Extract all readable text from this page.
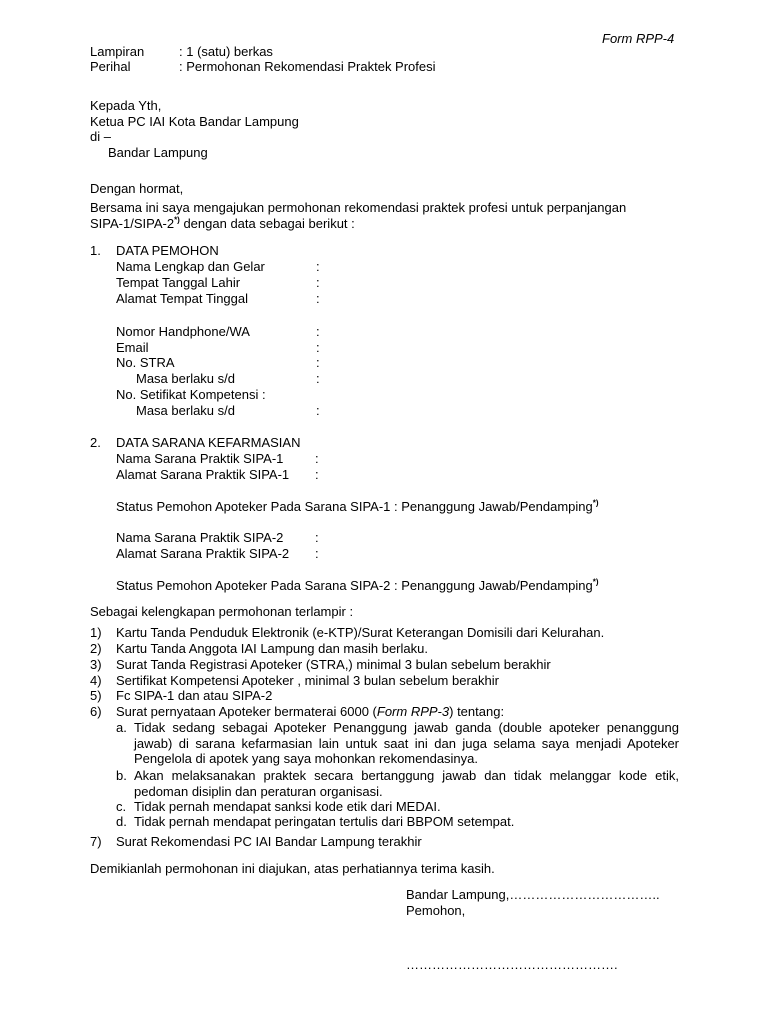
Form RPP-4
Lampiran	: 1 (satu) berkas
Perihal	: Permohonan Rekomendasi Praktek Profesi
Kepada Yth,
Ketua PC IAI Kota Bandar Lampung
di –
Bandar Lampung
Dengan hormat,
Bersama ini saya mengajukan permohonan rekomendasi praktek profesi untuk perpanjangan
SIPA-1/SIPA-2*) dengan data sebagai berikut :
1. DATA PEMOHON
Nama Lengkap dan Gelar	:
Tempat Tanggal Lahir	:
Alamat Tempat Tinggal	:
Nomor Handphone/WA	:
Email	:
No. STRA	:
Masa berlaku s/d	:
No. Setifikat Kompetensi :
Masa berlaku s/d	:
2. DATA SARANA KEFARMASIAN
Nama Sarana Praktik SIPA-1 :
Alamat Sarana Praktik SIPA-1 :
Status Pemohon Apoteker Pada Sarana SIPA-1 : Penanggung Jawab/Pendamping*)
Nama Sarana Praktik SIPA-2 :
Alamat Sarana Praktik SIPA-2 :
Status Pemohon Apoteker Pada Sarana SIPA-2 : Penanggung Jawab/Pendamping*)
Sebagai kelengkapan permohonan terlampir :
1) Kartu Tanda Penduduk Elektronik (e-KTP)/Surat Keterangan Domisili dari Kelurahan.
2) Kartu Tanda Anggota IAI Lampung dan masih berlaku.
3) Surat Tanda Registrasi Apoteker (STRA,) minimal 3 bulan sebelum berakhir
4) Sertifikat Kompetensi Apoteker , minimal 3 bulan sebelum berakhir
5) Fc SIPA-1 dan atau SIPA-2
6) Surat pernyataan Apoteker bermaterai 6000 (Form RPP-3) tentang:
a. Tidak sedang sebagai Apoteker Penanggung jawab ganda (double apoteker penanggung jawab) di sarana kefarmasian lain untuk saat ini dan juga selama saya menjadi Apoteker Pengelola di apotek yang saya mohonkan rekomendasinya.
b. Akan melaksanakan praktek secara bertanggung jawab dan tidak melanggar kode etik, pedoman disiplin dan peraturan organisasi.
c. Tidak pernah mendapat sanksi kode etik dari MEDAI.
d. Tidak pernah mendapat peringatan tertulis dari BBPOM setempat.
7) Surat Rekomendasi PC IAI Bandar Lampung terakhir
Demikianlah permohonan ini diajukan, atas perhatiannya terima kasih.
Bandar Lampung,……………………………..
Pemohon,
………………………………………….
